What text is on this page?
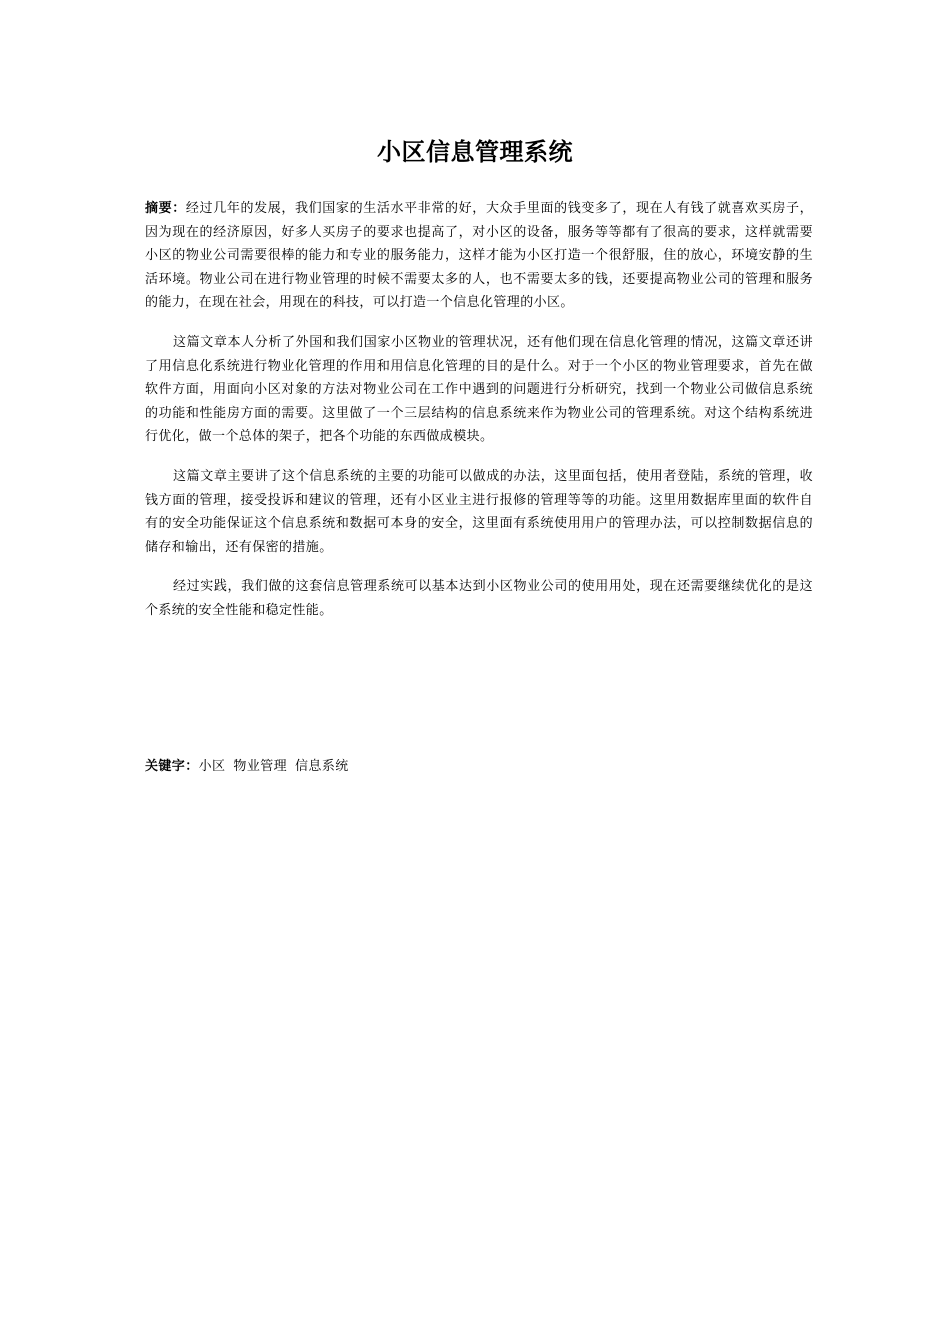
小区信息管理系统

摘要：经过几年的发展，我们国家的生活水平非常的好，大众手里面的钱变多了，现在人有钱了就喜欢买房子，因为现在的经济原因，好多人买房子的要求也提高了，对小区的设备，服务等等都有了很高的要求，这样就需要小区的物业公司需要很棒的能力和专业的服务能力，这样才能为小区打造一个很舒服，住的放心，环境安静的生活环境。物业公司在进行物业管理的时候不需要太多的人，也不需要太多的钱，还要提高物业公司的管理和服务的能力，在现在社会，用现在的科技，可以打造一个信息化管理的小区。

这篇文章本人分析了外国和我们国家小区物业的管理状况，还有他们现在信息化管理的情况，这篇文章还讲了用信息化系统进行物业化管理的作用和用信息化管理的目的是什么。对于一个小区的物业管理要求，首先在做软件方面，用面向小区对象的方法对物业公司在工作中遇到的问题进行分析研究，找到一个物业公司做信息系统的功能和性能房方面的需要。这里做了一个三层结构的信息系统来作为物业公司的管理系统。对这个结构系统进行优化，做一个总体的架子，把各个功能的东西做成模块。

这篇文章主要讲了这个信息系统的主要的功能可以做成的办法，这里面包括，使用者登陆，系统的管理，收钱方面的管理，接受投诉和建议的管理，还有小区业主进行报修的管理等等的功能。这里用数据库里面的软件自有的安全功能保证这个信息系统和数据可本身的安全，这里面有系统使用用户的管理办法，可以控制数据信息的储存和输出，还有保密的措施。

经过实践，我们做的这套信息管理系统可以基本达到小区物业公司的使用用处，现在还需要继续优化的是这个系统的安全性能和稳定性能。

关键字：小区 物业管理 信息系统
